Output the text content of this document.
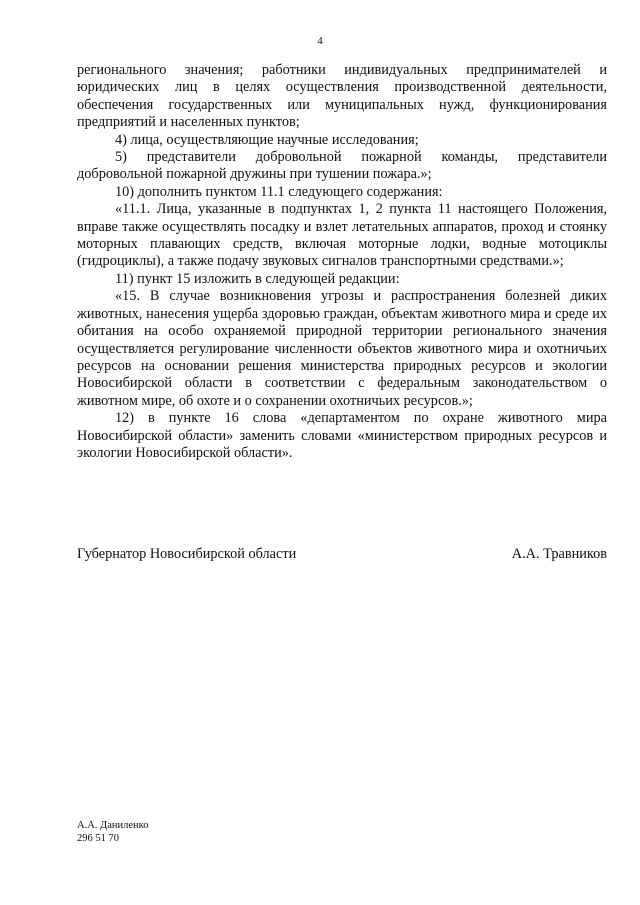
4

регионального значения; работники индивидуальных предпринимателей и юридических лиц в целях осуществления производственной деятельности, обеспечения государственных или муниципальных нужд, функционирования предприятий и населенных пунктов;

4) лица, осуществляющие научные исследования;

5) представители добровольной пожарной команды, представители добровольной пожарной дружины при тушении пожара.»;

10) дополнить пунктом 11.1 следующего содержания:

«11.1. Лица, указанные в подпунктах 1, 2 пункта 11 настоящего Положения, вправе также осуществлять посадку и взлет летательных аппаратов, проход и стоянку моторных плавающих средств, включая моторные лодки, водные мотоциклы (гидроциклы), а также подачу звуковых сигналов транспортными средствами.»;

11) пункт 15 изложить в следующей редакции:

«15. В случае возникновения угрозы и распространения болезней диких животных, нанесения ущерба здоровью граждан, объектам животного мира и среде их обитания на особо охраняемой природной территории регионального значения осуществляется регулирование численности объектов животного мира и охотничьих ресурсов на основании решения министерства природных ресурсов и экологии Новосибирской области в соответствии с федеральным законодательством о животном мире, об охоте и о сохранении охотничьих ресурсов.»;

12) в пункте 16 слова «департаментом по охране животного мира Новосибирской области» заменить словами «министерством природных ресурсов и экологии Новосибирской области».

Губернатор Новосибирской области	А.А. Травников
А.А. Даниленко
296 51 70
